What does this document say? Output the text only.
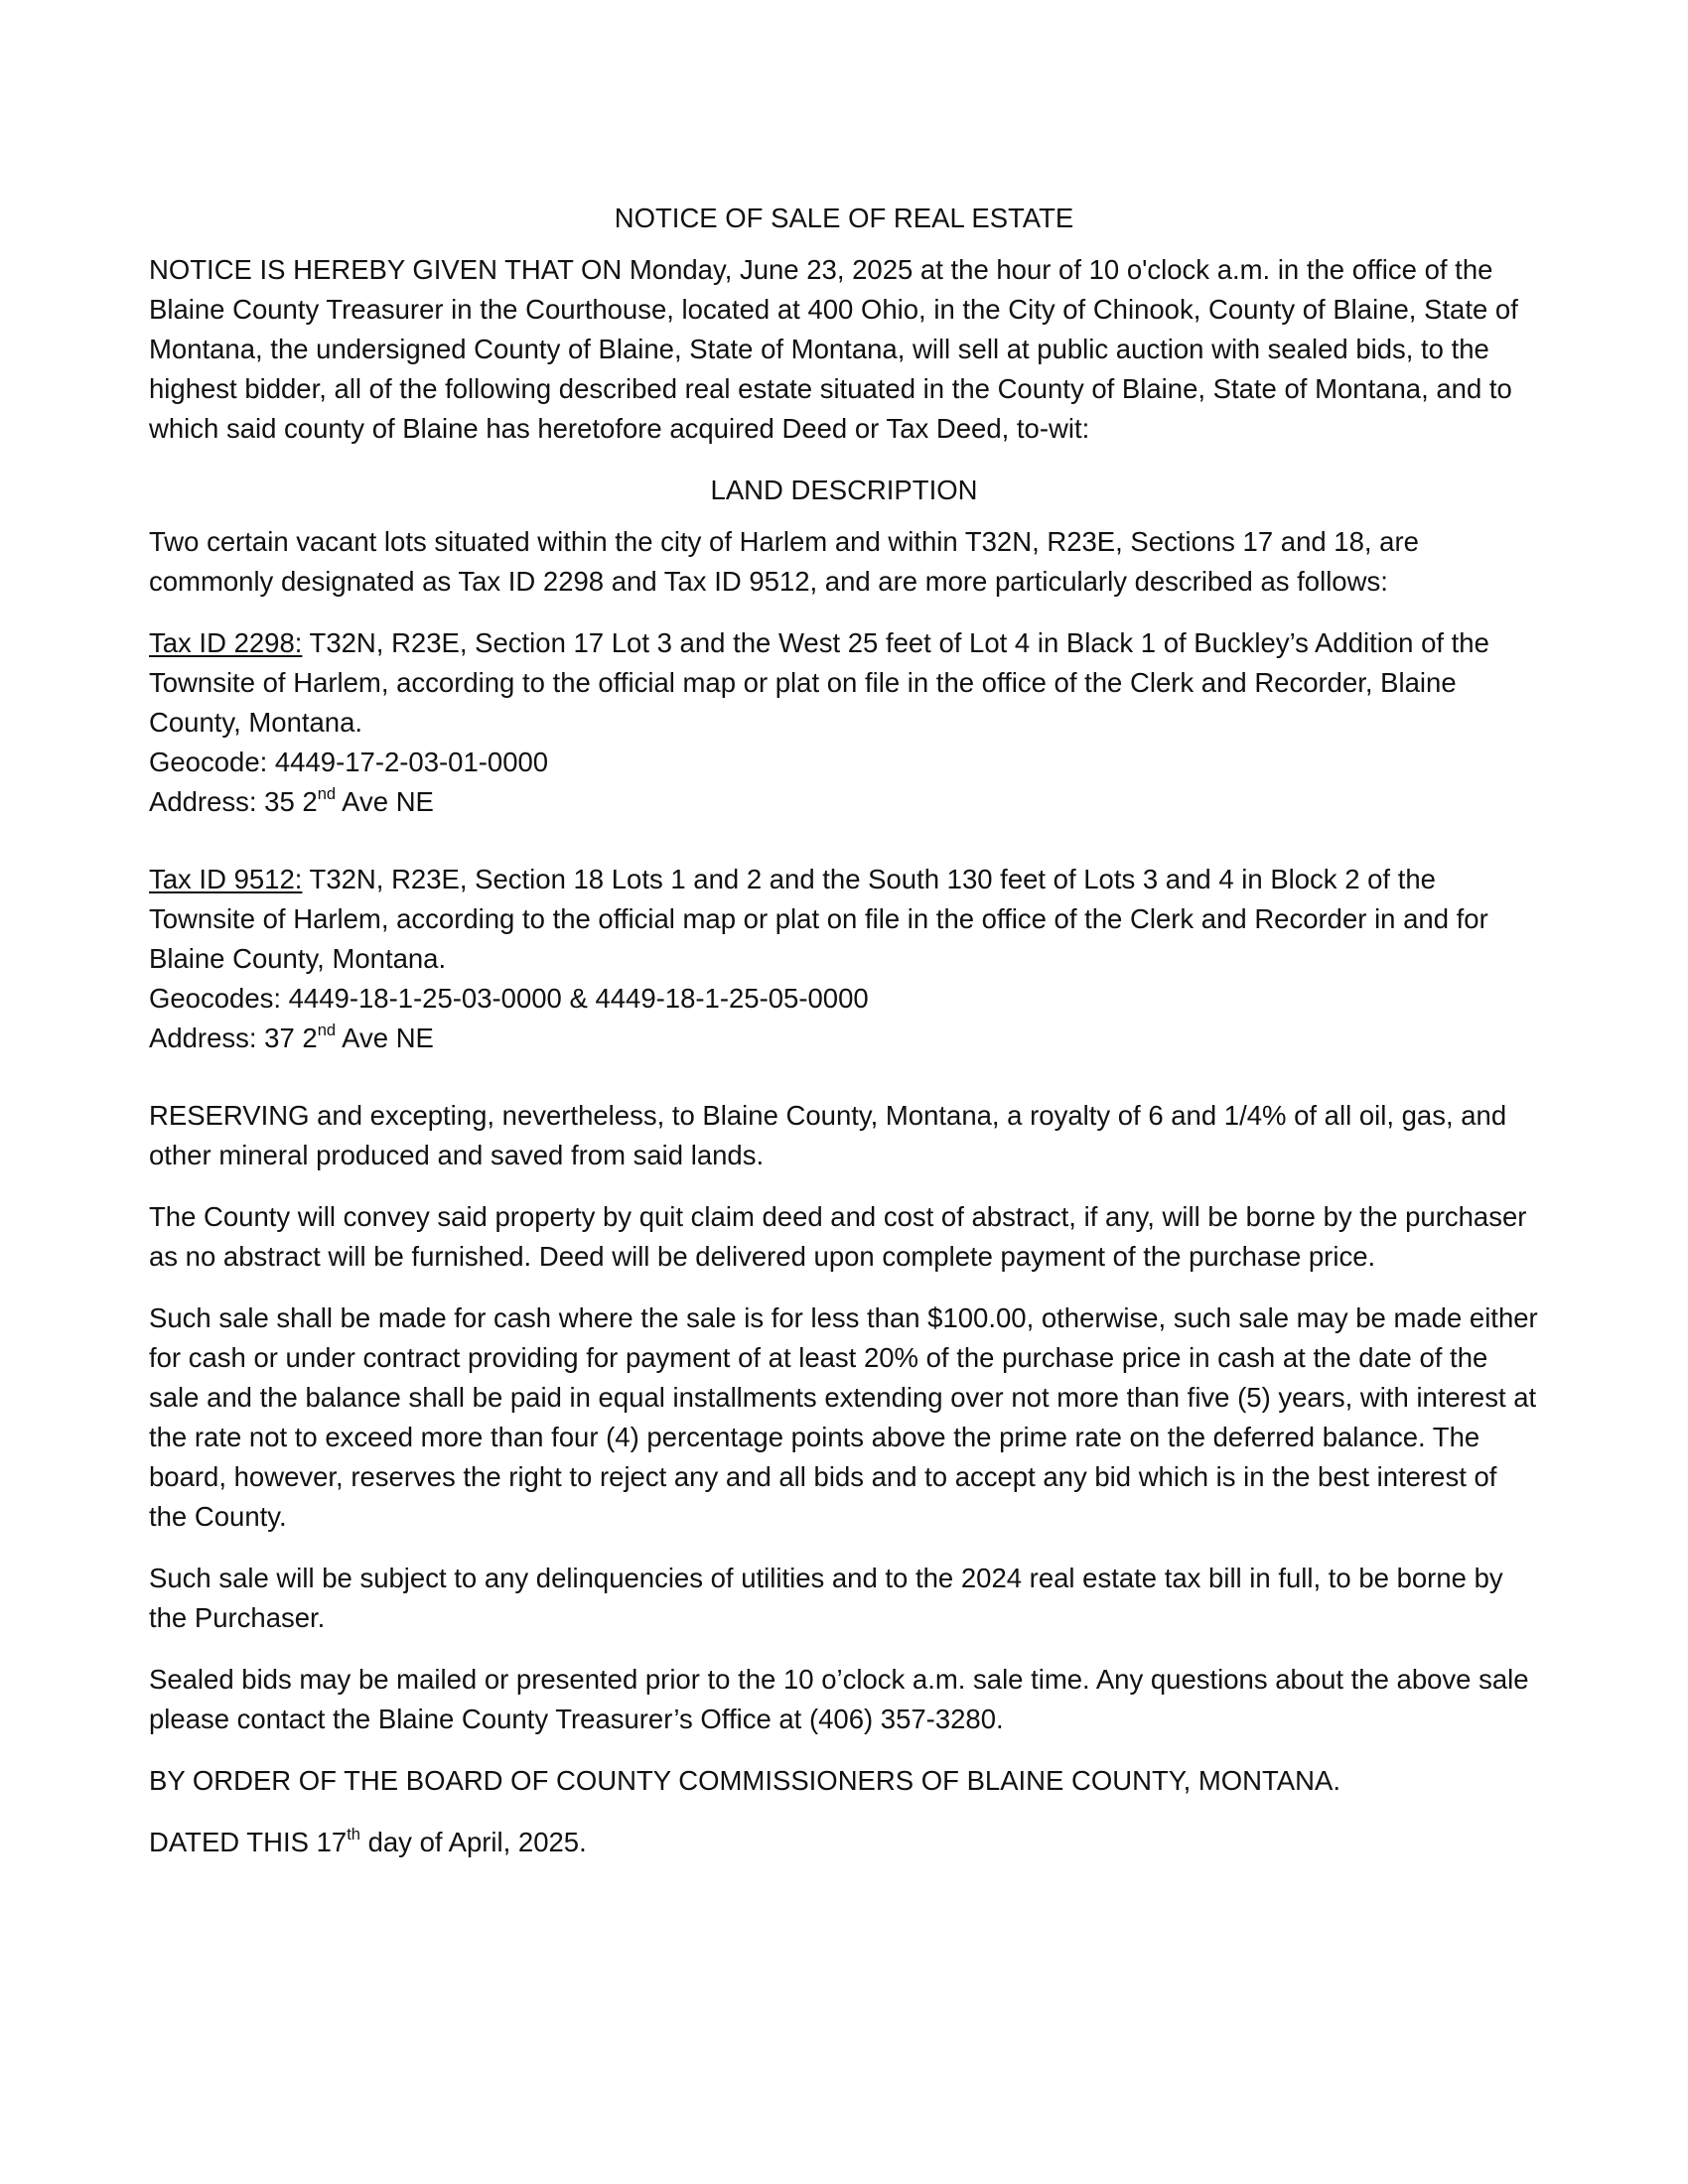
NOTICE OF SALE OF REAL ESTATE

NOTICE IS HEREBY GIVEN THAT ON Monday, June 23, 2025 at the hour of 10 o'clock a.m. in the office of the Blaine County Treasurer in the Courthouse, located at 400 Ohio, in the City of Chinook, County of Blaine, State of Montana, the undersigned County of Blaine, State of Montana, will sell at public auction with sealed bids, to the highest bidder, all of the following described real estate situated in the County of Blaine, State of Montana, and to which said county of Blaine has heretofore acquired Deed or Tax Deed, to-wit:

LAND DESCRIPTION

Two certain vacant lots situated within the city of Harlem and within T32N, R23E, Sections 17 and 18, are commonly designated as Tax ID 2298 and Tax ID 9512, and are more particularly described as follows:

Tax ID 2298: T32N, R23E, Section 17 Lot 3 and the West 25 feet of Lot 4 in Black 1 of Buckley’s Addition of the Townsite of Harlem, according to the official map or plat on file in the office of the Clerk and Recorder, Blaine County, Montana.
Geocode: 4449-17-2-03-01-0000
Address: 35 2nd Ave NE
Tax ID 9512: T32N, R23E, Section 18 Lots 1 and 2 and the South 130 feet of Lots 3 and 4 in Block 2 of the Townsite of Harlem, according to the official map or plat on file in the office of the Clerk and Recorder in and for Blaine County, Montana.
Geocodes: 4449-18-1-25-03-0000 & 4449-18-1-25-05-0000
Address: 37 2nd Ave NE

RESERVING and excepting, nevertheless, to Blaine County, Montana, a royalty of 6 and 1/4% of all oil, gas, and other mineral produced and saved from said lands.

The County will convey said property by quit claim deed and cost of abstract, if any, will be borne by the purchaser as no abstract will be furnished. Deed will be delivered upon complete payment of the purchase price.

Such sale shall be made for cash where the sale is for less than $100.00, otherwise, such sale may be made either for cash or under contract providing for payment of at least 20% of the purchase price in cash at the date of the sale and the balance shall be paid in equal installments extending over not more than five (5) years, with interest at the rate not to exceed more than four (4) percentage points above the prime rate on the deferred balance. The board, however, reserves the right to reject any and all bids and to accept any bid which is in the best interest of the County.

Such sale will be subject to any delinquencies of utilities and to the 2024 real estate tax bill in full, to be borne by the Purchaser.

Sealed bids may be mailed or presented prior to the 10 o’clock a.m. sale time. Any questions about the above sale please contact the Blaine County Treasurer’s Office at (406) 357-3280.

BY ORDER OF THE BOARD OF COUNTY COMMISSIONERS OF BLAINE COUNTY, MONTANA.

DATED THIS 17th day of April, 2025.
